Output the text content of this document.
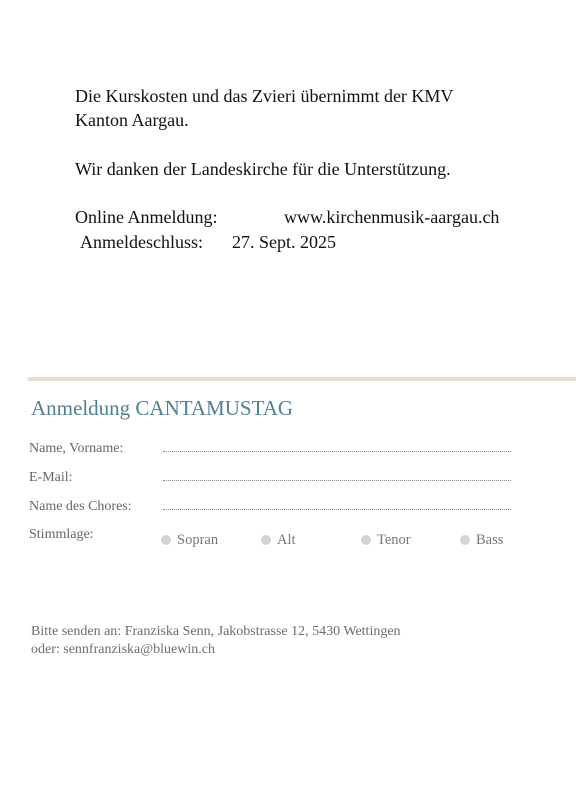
Die Kurskosten und das Zvieri übernimmt der KMV
Kanton Aargau.
Wir danken der Landeskirche für die Unterstützung.
Online Anmeldung:	www.kirchenmusik-aargau.ch
Anmeldeschluss: 27. Sept. 2025
Anmeldung CANTAMUSTAG
Name, Vorname:
E-Mail:
Name des Chores:
Stimmlage:	Sopran	Alt	Tenor	Bass
Bitte senden an: Franziska Senn, Jakobstrasse 12, 5430 Wettingen
oder: sennfranziska@bluewin.ch
